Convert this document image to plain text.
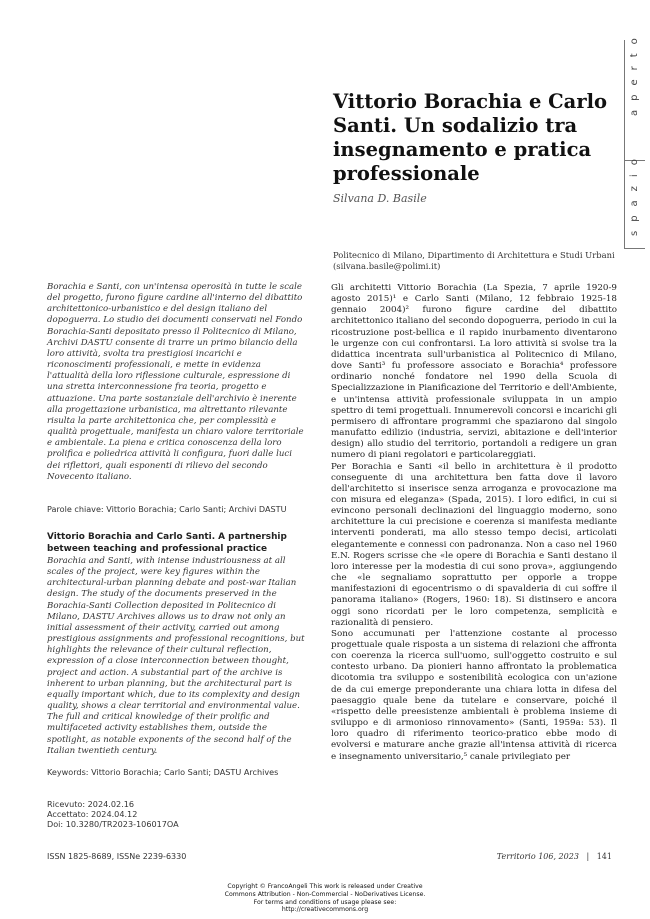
aperto
spazio
Vittorio Borachia e Carlo Santi. Un sodalizio tra insegnamento e pratica professionale
Silvana D. Basile
Politecnico di Milano, Dipartimento di Architettura e Studi Urbani (silvana.basile@polimi.it)
Borachia e Santi, con un'intensa operosità in tutte le scale del progetto, furono figure cardine all'interno del dibattito architettonico-urbanistico e del design italiano del dopoguerra. Lo studio dei documenti conservati nel Fondo Borachia-Santi depositato presso il Politecnico di Milano, Archivi DASTU consente di trarre un primo bilancio della loro attività, svolta tra prestigiosi incarichi e riconoscimenti professionali, e mette in evidenza l'attualità della loro riflessione culturale, espressione di una stretta interconnessione fra teoria, progetto e attuazione. Una parte sostanziale dell'archivio è inerente alla progettazione urbanistica, ma altrettanto rilevante risulta la parte architettonica che, per complessità e qualità progettuale, manifesta un chiaro valore territoriale e ambientale. La piena e critica conoscenza della loro prolifica e poliedrica attività li configura, fuori dalle luci dei riflettori, quali esponenti di rilievo del secondo Novecento italiano.
Parole chiave: Vittorio Borachia; Carlo Santi; Archivi DASTU
Vittorio Borachia and Carlo Santi. A partnership between teaching and professional practice
Borachia and Santi, with intense industriousness at all scales of the project, were key figures within the architectural-urban planning debate and post-war Italian design. The study of the documents preserved in the Borachia-Santi Collection deposited in Politecnico di Milano, DASTU Archives allows us to draw not only an initial assessment of their activity, carried out among prestigious assignments and professional recognitions, but highlights the relevance of their cultural reflection, expression of a close interconnection between thought, project and action. A substantial part of the archive is inherent to urban planning, but the architectural part is equally important which, due to its complexity and design quality, shows a clear territorial and environmental value. The full and critical knowledge of their prolific and multifaceted activity establishes them, outside the spotlight, as notable exponents of the second half of the Italian twentieth century.
Keywords: Vittorio Borachia; Carlo Santi; DASTU Archives
Ricevuto: 2024.02.16
Accettato: 2024.04.12
Doi: 10.3280/TR2023-106017OA

Gli architetti Vittorio Borachia (La Spezia, 7 aprile 1920-9 agosto 2015)¹ e Carlo Santi (Milano, 12 febbraio 1925-18 gennaio 2004)² furono figure cardine del dibattito architettonico italiano del secondo dopoguerra, periodo in cui la ricostruzione post-bellica e il rapido inurbamento diventarono le urgenze con cui confrontarsi. La loro attività si svolse tra la didattica incentrata sull'urbanistica al Politecnico di Milano, dove Santi³ fu professore associato e Borachia⁴ professore ordinario nonché fondatore nel 1990 della Scuola di Specializzazione in Pianificazione del Territorio e dell'Ambiente, e un'intensa attività professionale sviluppata in un ampio spettro di temi progettuali. Innumerevoli concorsi e incarichi gli permisero di affrontare programmi che spaziarono dal singolo manufatto edilizio (industria, servizi, abitazione e dell'interior design) allo studio del territorio, portandoli a redigere un gran numero di piani regolatori e particolareggiati.

Per Borachia e Santi «il bello in architettura è il prodotto conseguente di una architettura ben fatta dove il lavoro dell'architetto si inserisce senza arroganza e provocazione ma con misura ed eleganza» (Spada, 2015). I loro edifici, in cui si evincono personali declinazioni del linguaggio moderno, sono architetture la cui precisione e coerenza si manifesta mediante interventi ponderati, ma allo stesso tempo decisi, articolati elegantemente e connessi con padronanza. Non a caso nel 1960 E.N. Rogers scrisse che «le opere di Borachia e Santi destano il loro interesse per la modestia di cui sono prova», aggiungendo che «le segnaliamo soprattutto per opporle a troppe manifestazioni di egocentrismo o di spavalderia di cui soffre il panorama italiano» (Rogers, 1960: 18). Si distinsero e ancora oggi sono ricordati per le loro competenza, semplicità e razionalità di pensiero.

Sono accumunati per l'attenzione costante al processo progettuale quale risposta a un sistema di relazioni che affronta con coerenza la ricerca sull'uomo, sull'oggetto costruito e sul contesto urbano. Da pionieri hanno affrontato la problematica dicotomia tra sviluppo e sostenibilità ecologica con un'azione de da cui emerge preponderante una chiara lotta in difesa del paesaggio quale bene da tutelare e conservare, poiché il «rispetto delle preesistenze ambientali è problema insieme di sviluppo e di armonioso rinnovamento» (Santi, 1959a: 53). Il loro quadro di riferimento teorico-pratico ebbe modo di evolversi e maturare anche grazie all'intensa attività di ricerca e insegnamento universitario,⁵ canale privilegiato per

ISSN 1825-8689, ISSNe 2239-6330	Territorio 106, 2023 | 141
Copyright © FrancoAngeli This work is released under Creative
Commons Attribution - Non-Commercial - NoDerivatives License.
For terms and conditions of usage please see:
http://creativecommons.org
